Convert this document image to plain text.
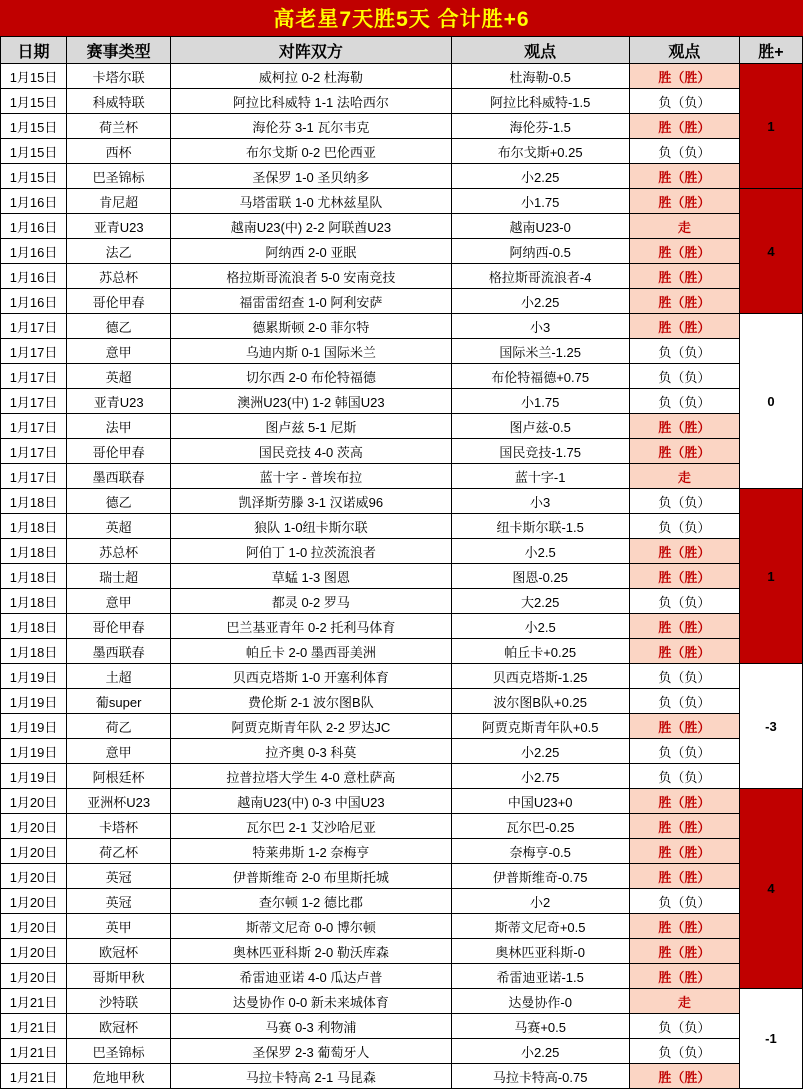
高老星7天胜5天 合计胜+6
日期	赛事类型	对阵双方	观点	观点	胜+
1月15日	卡塔尔联	威柯拉 0-2 杜海勒	杜海勒-0.5	胜（胜）	1
1月15日	科威特联	阿拉比科威特 1-1 法哈西尔	阿拉比科威特-1.5	负（负）	
1月15日	荷兰杯	海伦芬 3-1 瓦尔韦克	海伦芬-1.5	胜（胜）	
1月15日	西杯	布尔戈斯 0-2 巴伦西亚	布尔戈斯+0.25	负（负）	
1月15日	巴圣锦标	圣保罗 1-0 圣贝纳多	小2.25	胜（胜）	
1月16日	肯尼超	马塔雷联 1-0 尤林兹星队	小1.75	胜（胜）	4
1月16日	亚青U23	越南U23(中) 2-2 阿联酋U23	越南U23-0	走	
1月16日	法乙	阿纳西 2-0 亚眠	阿纳西-0.5	胜（胜）	
1月16日	苏总杯	格拉斯哥流浪者 5-0 安南竞技	格拉斯哥流浪者-4	胜（胜）	
1月16日	哥伦甲春	福雷雷绍查 1-0 阿利安萨	小2.25	胜（胜）	
1月17日	德乙	德累斯顿 2-0 菲尔特	小3	胜（胜）	0
1月17日	意甲	乌迪内斯 0-1 国际米兰	国际米兰-1.25	负（负）	
1月17日	英超	切尔西 2-0 布伦特福德	布伦特福德+0.75	负（负）	
1月17日	亚青U23	澳洲U23(中) 1-2 韩国U23	小1.75	负（负）	
1月17日	法甲	图卢兹 5-1 尼斯	图卢兹-0.5	胜（胜）	
1月17日	哥伦甲春	国民竞技 4-0 茨高	国民竞技-1.75	胜（胜）	
1月17日	墨西联春	蓝十字 - 普埃布拉	蓝十字-1	走	
1月18日	德乙	凯泽斯劳滕 3-1 汉诺威96	小3	负（负）	1
1月18日	英超	狼队 1-0纽卡斯尔联	纽卡斯尔联-1.5	负（负）	
1月18日	苏总杯	阿伯丁 1-0 拉茨流浪者	小2.5	胜（胜）	
1月18日	瑞士超	草蜢 1-3 图恩	图恩-0.25	胜（胜）	
1月18日	意甲	都灵 0-2 罗马	大2.25	负（负）	
1月18日	哥伦甲春	巴兰基亚青年 0-2 托利马体育	小2.5	胜（胜）	
1月18日	墨西联春	帕丘卡 2-0 墨西哥美洲	帕丘卡+0.25	胜（胜）	
1月19日	土超	贝西克塔斯 1-0 开塞利体育	贝西克塔斯-1.25	负（负）	-3
1月19日	葡super	费伦斯 2-1 波尔图B队	波尔图B队+0.25	负（负）	
1月19日	荷乙	阿贾克斯青年队 2-2 罗达JC	阿贾克斯青年队+0.5	胜（胜）	
1月19日	意甲	拉齐奥 0-3 科莫	小2.25	负（负）	
1月19日	阿根廷杯	拉普拉塔大学生 4-0 意杜萨高	小2.75	负（负）	
1月20日	亚洲杯U23	越南U23(中) 0-3 中国U23	中国U23+0	胜（胜）	4
1月20日	卡塔杯	瓦尔巴 2-1 艾沙哈尼亚	瓦尔巴-0.25	胜（胜）	
1月20日	荷乙杯	特莱弗斯 1-2 奈梅亨	奈梅亨-0.5	胜（胜）	
1月20日	英冠	伊普斯维奇 2-0 布里斯托城	伊普斯维奇-0.75	胜（胜）	
1月20日	英冠	查尔顿 1-2 德比郡	小2	负（负）	
1月20日	英甲	斯蒂文尼奇 0-0 博尔顿	斯蒂文尼奇+0.5	胜（胜）	
1月20日	欧冠杯	奥林匹亚科斯 2-0 勒沃库森	奥林匹亚科斯-0	胜（胜）	
1月20日	哥斯甲秋	希雷迪亚诺 4-0 瓜达卢普	希雷迪亚诺-1.5	胜（胜）	
1月21日	沙特联	达曼协作 0-0 新未来城体育	达曼协作-0	走	-1
1月21日	欧冠杯	马赛 0-3 利物浦	马赛+0.5	负（负）	
1月21日	巴圣锦标	圣保罗 2-3 葡萄牙人	小2.25	负（负）	
1月21日	危地甲秋	马拉卡特高 2-1 马昆森	马拉卡特高-0.75	胜（胜）	
